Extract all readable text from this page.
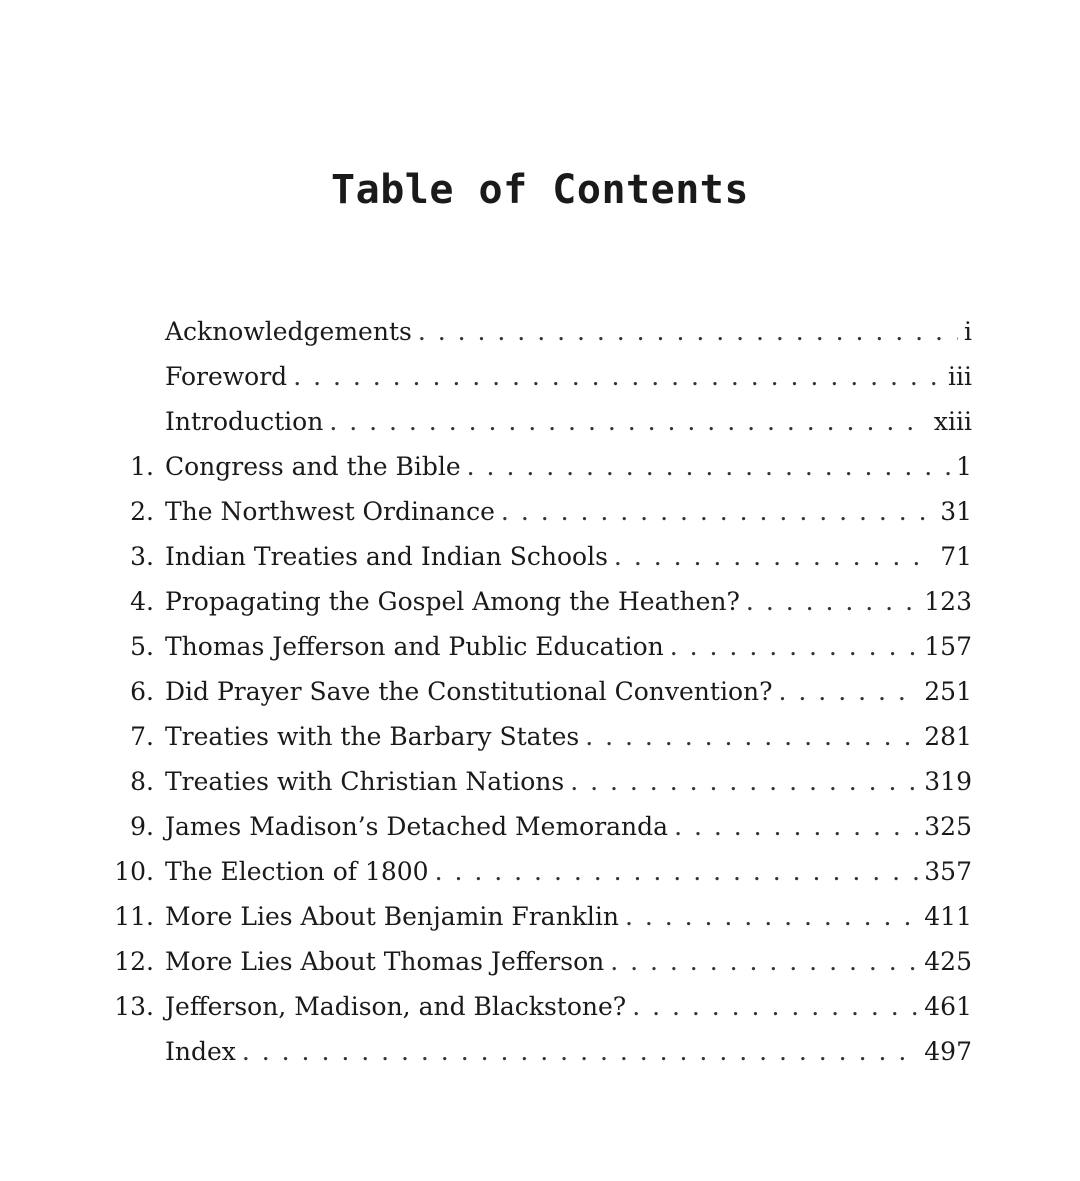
Table of Contents
Acknowledgements . . .	i
Foreword . . .	iii
Introduction . . .	xiii
1. Congress and the Bible . . .	1
2. The Northwest Ordinance . . .	31
3. Indian Treaties and Indian Schools . . .	71
4. Propagating the Gospel Among the Heathen? . . .	123
5. Thomas Jefferson and Public Education . . .	157
6. Did Prayer Save the Constitutional Convention? . . .	251
7. Treaties with the Barbary States . . .	281
8. Treaties with Christian Nations . . .	319
9. James Madison’s Detached Memoranda . . .	325
10. The Election of 1800 . . .	357
11. More Lies About Benjamin Franklin . . .	411
12. More Lies About Thomas Jefferson . . .	425
13. Jefferson, Madison, and Blackstone? . . .	461
Index . . .	497
